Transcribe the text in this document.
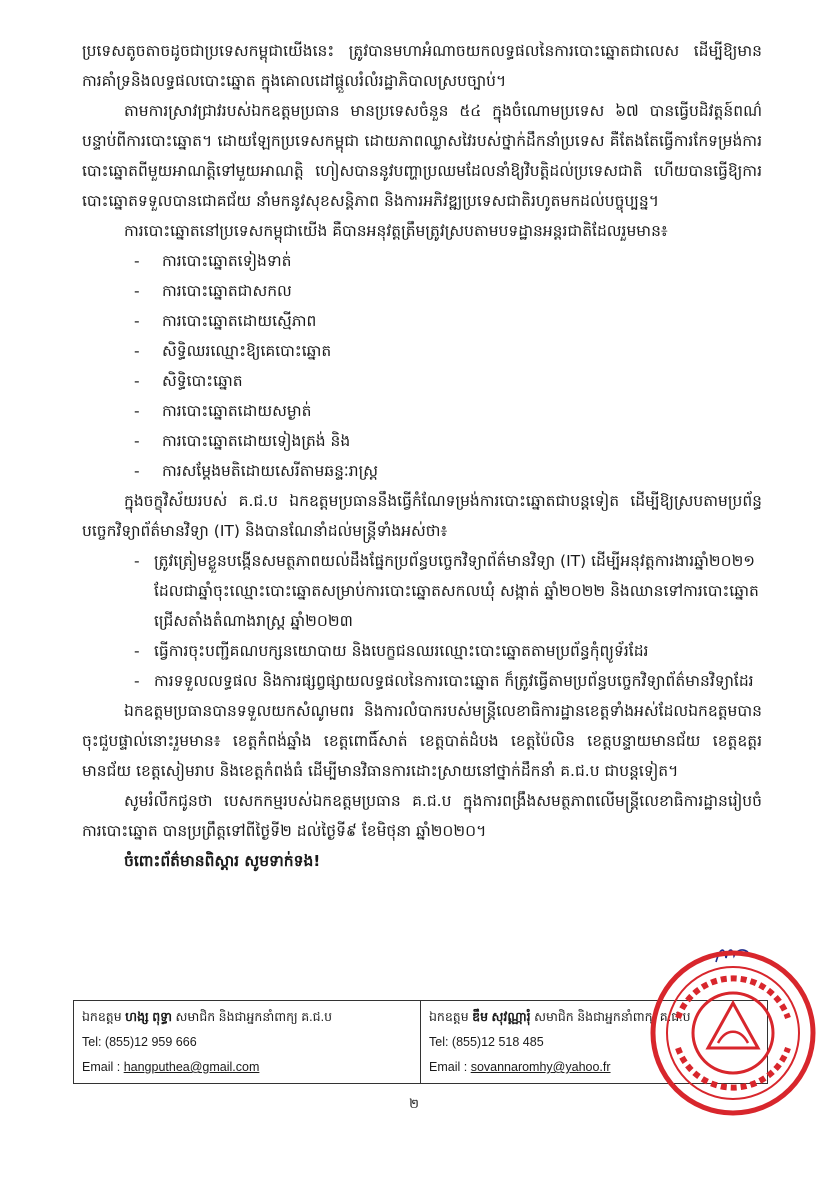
ប្រទេសតូចតាចដូចជាប្រទេសកម្ពុជាយើងនេះ ត្រូវបានមហាអំណាចយកលទ្ធផលនៃការបោះឆ្នោតជាលេស ដើម្បីឱ្យមានការគាំទ្រនិងលទ្ធផលបោះឆ្នោត ក្នុងគោលដៅផ្តួលរំលំរដ្ឋាភិបាលស្របច្បាប់។

តាមការស្រាវជ្រាវរបស់ឯកឧត្តមប្រធាន មានប្រទេសចំនួន ៥៤ ក្នុងចំណោមប្រទេស ៦៧ បានធ្វើបដិវត្តន៍ពណ៌បន្ទាប់ពីការបោះឆ្នោត។ ដោយឡែកប្រទេសកម្ពុជា ដោយភាពឈ្លាសវៃរបស់ថ្នាក់ដឹកនាំប្រទេស គឺតែងតែធ្វើការកែទម្រង់ការបោះឆ្នោតពីមួយអាណត្តិទៅមួយអាណត្តិ ហៀសបាននូវបញ្ហាប្រឈមដែលនាំឱ្យវិបត្តិដល់ប្រទេសជាតិ ហើយបានធ្វើឱ្យការបោះឆ្នោតទទួលបានជោគជ័យ នាំមកនូវសុខសន្តិភាព និងការអភិវឌ្ឍប្រទេសជាតិរហូតមកដល់បច្ចុប្បន្ន។

ការបោះឆ្នោតនៅប្រទេសកម្ពុជាយើង គឺបានអនុវត្តត្រឹមត្រូវស្របតាមបទដ្ឋានអន្តរជាតិដែលរួមមាន៖

- ការបោះឆ្នោតទៀងទាត់
- ការបោះឆ្នោតជាសកល
- ការបោះឆ្នោតដោយស្មើភាព
- សិទ្ធិឈរឈ្មោះឱ្យគេបោះឆ្នោត
- សិទ្ធិបោះឆ្នោត
- ការបោះឆ្នោតដោយសម្ងាត់
- ការបោះឆ្នោតដោយទៀងត្រង់ និង
- ការសម្តែងមតិដោយសេរីតាមឆន្ទៈរាស្ត្រ

ក្នុងចក្ខុវិស័យរបស់ គ.ជ.ប ឯកឧត្តមប្រធាននឹងធ្វើកំណែទម្រង់ការបោះឆ្នោតជាបន្តទៀត ដើម្បីឱ្យស្របតាមប្រព័ន្ធបច្ចេកវិទ្យាព័ត៌មានវិទ្យា (IT) និងបានណែនាំដល់មន្ត្រីទាំងអស់ថា៖

- ត្រូវត្រៀមខ្លួនបង្កើនសមត្ថភាពយល់ដឹងផ្នែកប្រព័ន្ធបច្ចេកវិទ្យាព័ត៌មានវិទ្យា (IT) ដើម្បីអនុវត្តការងារឆ្នាំ២០២១ ដែលជាឆ្នាំចុះឈ្មោះបោះឆ្នោតសម្រាប់ការបោះឆ្នោតសកលឃុំ សង្កាត់ ឆ្នាំ២០២២ និងឈានទៅការបោះឆ្នោតជ្រើសតាំងតំណាងរាស្ត្រ ឆ្នាំ២០២៣
- ធ្វើការចុះបញ្ជីគណបក្សនយោបាយ និងបេក្ខជនឈរឈ្មោះបោះឆ្នោតតាមប្រព័ន្ធកុំព្យូទ័រដែរ
- ការទទួលលទ្ធផល និងការផ្សព្វផ្សាយលទ្ធផលនៃការបោះឆ្នោត ក៏ត្រូវធ្វើតាមប្រព័ន្ធបច្ចេកវិទ្យាព័ត៌មានវិទ្យាដែរ

ឯកឧត្តមប្រធានបានទទួលយកសំណូមពរ និងការលំបាករបស់មន្ត្រីលេខាធិការដ្ឋានខេត្តទាំងអស់ដែលឯកឧត្តមបានចុះជួបផ្ទាល់នោះរួមមាន៖ ខេត្តកំពង់ឆ្នាំង ខេត្តពោធិ៍សាត់ ខេត្តបាត់ដំបង ខេត្តប៉ៃលិន ខេត្តបន្ទាយមានជ័យ ខេត្តឧត្តរមានជ័យ ខេត្តសៀមរាប និងខេត្តកំពង់ធំ ដើម្បីមានវិធានការដោះស្រាយនៅថ្នាក់ដឹកនាំ គ.ជ.ប ជាបន្តទៀត។

សូមរំលឹកជូនថា បេសកកម្មរបស់ឯកឧត្តមប្រធាន គ.ជ.ប ក្នុងការពង្រឹងសមត្ថភាពលើមន្ត្រីលេខាធិការដ្ឋានរៀបចំការបោះឆ្នោត បានប្រព្រឹត្តទៅពីថ្ងៃទី២ ដល់ថ្ងៃទី៩ ខែមិថុនា ឆ្នាំ២០២០។

ចំពោះព័ត៌មានពិស្តារ សូមទាក់ទង!

ឯកឧត្តម ហង្ស ពុទ្ធា សមាជិក និងជាអ្នកនាំពាក្យ គ.ជ.ប
Tel: (855)12 959 666
Email : hangputhea@gmail.com
ឯកឧត្តម ឌឹម សុវណ្ណារុំ សមាជិក និងជាអ្នកនាំពាក្យ គ.ជ.ប
Tel: (855)12 518 485
Email : sovannaromhy@yahoo.fr
២
